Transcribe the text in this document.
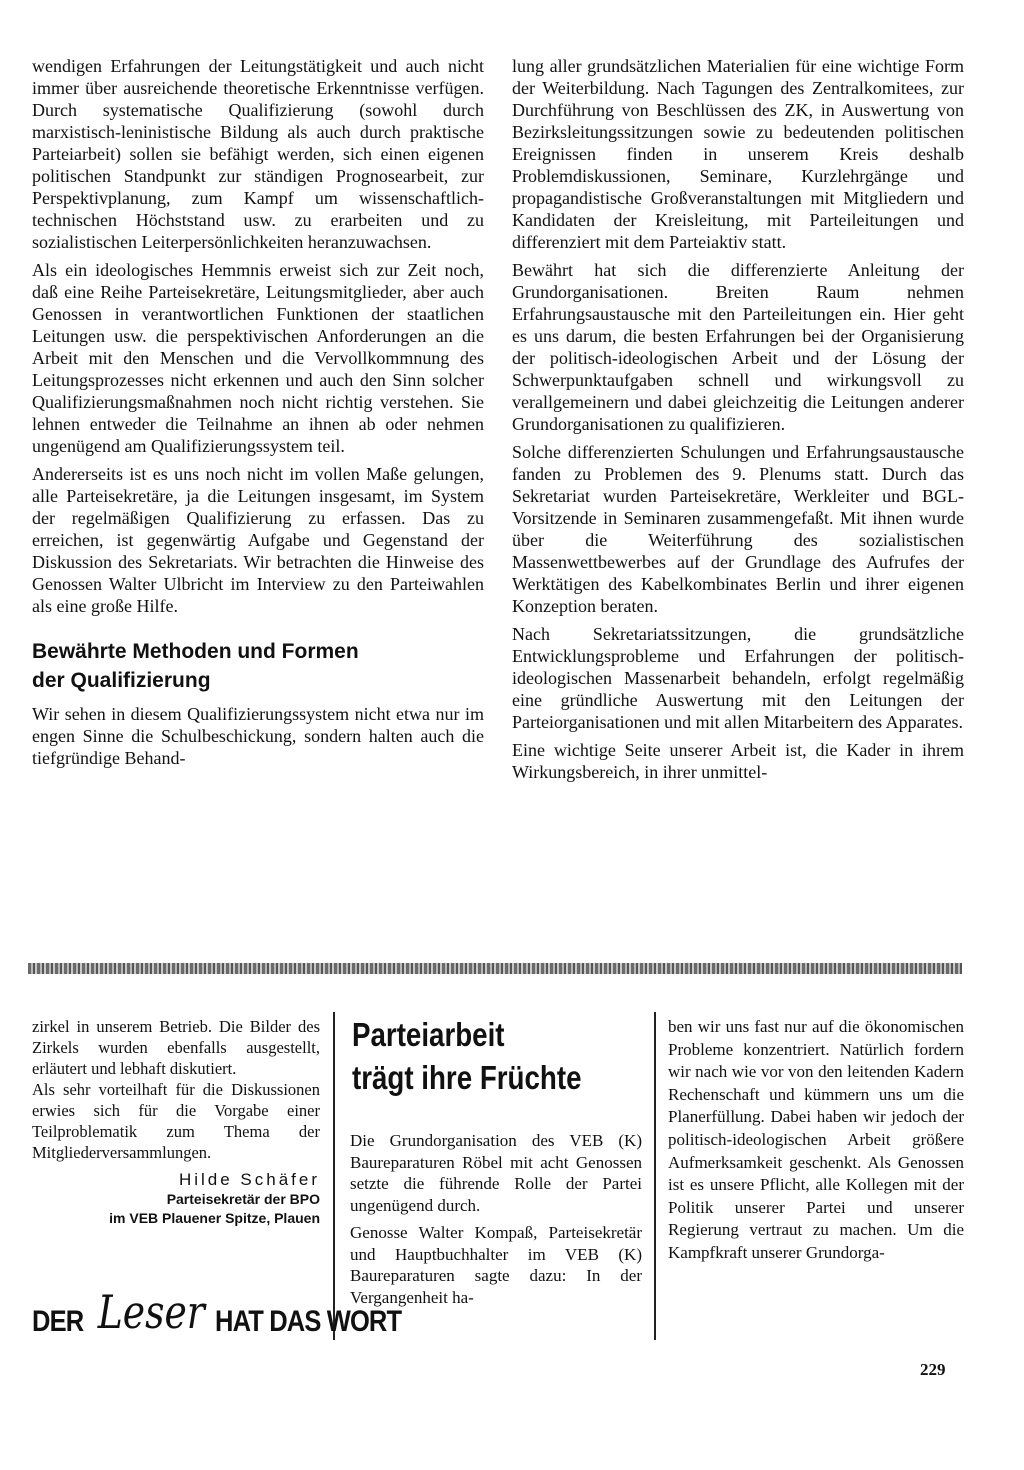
wendigen Erfahrungen der Leitungstätigkeit und auch nicht immer über ausreichende theoretische Erkenntnisse verfügen. Durch systematische Qualifizierung (sowohl durch marxistisch-leninistische Bildung als auch durch praktische Parteiarbeit) sollen sie befähigt werden, sich einen eigenen politischen Standpunkt zur ständigen Prognosearbeit, zur Perspektivplanung, zum Kampf um wissenschaftlich-technischen Höchststand usw. zu erarbeiten und zu sozialistischen Leiterpersönlichkeiten heranzuwachsen.

Als ein ideologisches Hemmnis erweist sich zur Zeit noch, daß eine Reihe Parteisekretäre, Leitungsmitglieder, aber auch Genossen in verantwortlichen Funktionen der staatlichen Leitungen usw. die perspektivischen Anforderungen an die Arbeit mit den Menschen und die Vervollkommnung des Leitungsprozesses nicht erkennen und auch den Sinn solcher Qualifizierungsmaßnahmen noch nicht richtig verstehen. Sie lehnen entweder die Teilnahme an ihnen ab oder nehmen ungenügend am Qualifizierungssystem teil.

Andererseits ist es uns noch nicht im vollen Maße gelungen, alle Parteisekretäre, ja die Leitungen insgesamt, im System der regelmäßigen Qualifizierung zu erfassen. Das zu erreichen, ist gegenwärtig Aufgabe und Gegenstand der Diskussion des Sekretariats. Wir betrachten die Hinweise des Genossen Walter Ulbricht im Interview zu den Parteiwahlen als eine große Hilfe.

Bewährte Methoden und Formen
der Qualifizierung

Wir sehen in diesem Qualifizierungssystem nicht etwa nur im engen Sinne die Schulbeschickung, sondern halten auch die tiefgründige Behand-

lung aller grundsätzlichen Materialien für eine wichtige Form der Weiterbildung. Nach Tagungen des Zentralkomitees, zur Durchführung von Beschlüssen des ZK, in Auswertung von Bezirksleitungssitzungen sowie zu bedeutenden politischen Ereignissen finden in unserem Kreis deshalb Problemdiskussionen, Seminare, Kurzlehrgänge und propagandistische Großveranstaltungen mit Mitgliedern und Kandidaten der Kreisleitung, mit Parteileitungen und differenziert mit dem Parteiaktiv statt.

Bewährt hat sich die differenzierte Anleitung der Grundorganisationen. Breiten Raum nehmen Erfahrungsaustausche mit den Parteileitungen ein. Hier geht es uns darum, die besten Erfahrungen bei der Organisierung der politisch-ideologischen Arbeit und der Lösung der Schwerpunktaufgaben schnell und wirkungsvoll zu verallgemeinern und dabei gleichzeitig die Leitungen anderer Grundorganisationen zu qualifizieren.

Solche differenzierten Schulungen und Erfahrungsaustausche fanden zu Problemen des 9. Plenums statt. Durch das Sekretariat wurden Parteisekretäre, Werkleiter und BGL-Vorsitzende in Seminaren zusammengefaßt. Mit ihnen wurde über die Weiterführung des sozialistischen Massenwettbewerbes auf der Grundlage des Aufrufes der Werktätigen des Kabelkombinates Berlin und ihrer eigenen Konzeption beraten.

Nach Sekretariatssitzungen, die grundsätzliche Entwicklungsprobleme und Erfahrungen der politisch-ideologischen Massenarbeit behandeln, erfolgt regelmäßig eine gründliche Auswertung mit den Leitungen der Parteiorganisationen und mit allen Mitarbeitern des Apparates.

Eine wichtige Seite unserer Arbeit ist, die Kader in ihrem Wirkungsbereich, in ihrer unmittel-

zirkel in unserem Betrieb. Die Bilder des Zirkels wurden ebenfalls ausgestellt, erläutert und lebhaft diskutiert.

Als sehr vorteilhaft für die Diskussionen erwies sich für die Vorgabe einer Teilproblematik zum Thema der Mitgliederversammlungen.

Hilde Schäfer
Parteisekretär der BPO
im VEB Plauener Spitze, Plauen
Parteiarbeit
trägt ihre Früchte

Die Grundorganisation des VEB (K) Baureparaturen Röbel mit acht Genossen setzte die führende Rolle der Partei ungenügend durch.

Genosse Walter Kompaß, Parteisekretär und Hauptbuchhalter im VEB (K) Baureparaturen sagte dazu: In der Vergangenheit ha-

ben wir uns fast nur auf die ökonomischen Probleme konzentriert. Natürlich fordern wir nach wie vor von den leitenden Kadern Rechenschaft und kümmern uns um die Planerfüllung. Dabei haben wir jedoch der politisch-ideologischen Arbeit größere Aufmerksamkeit geschenkt. Als Genossen ist es unsere Pflicht, alle Kollegen mit der Politik unserer Partei und unserer Regierung vertraut zu machen. Um die Kampfkraft unserer Grundorga-

DER Leser HAT DAS WORT
229
